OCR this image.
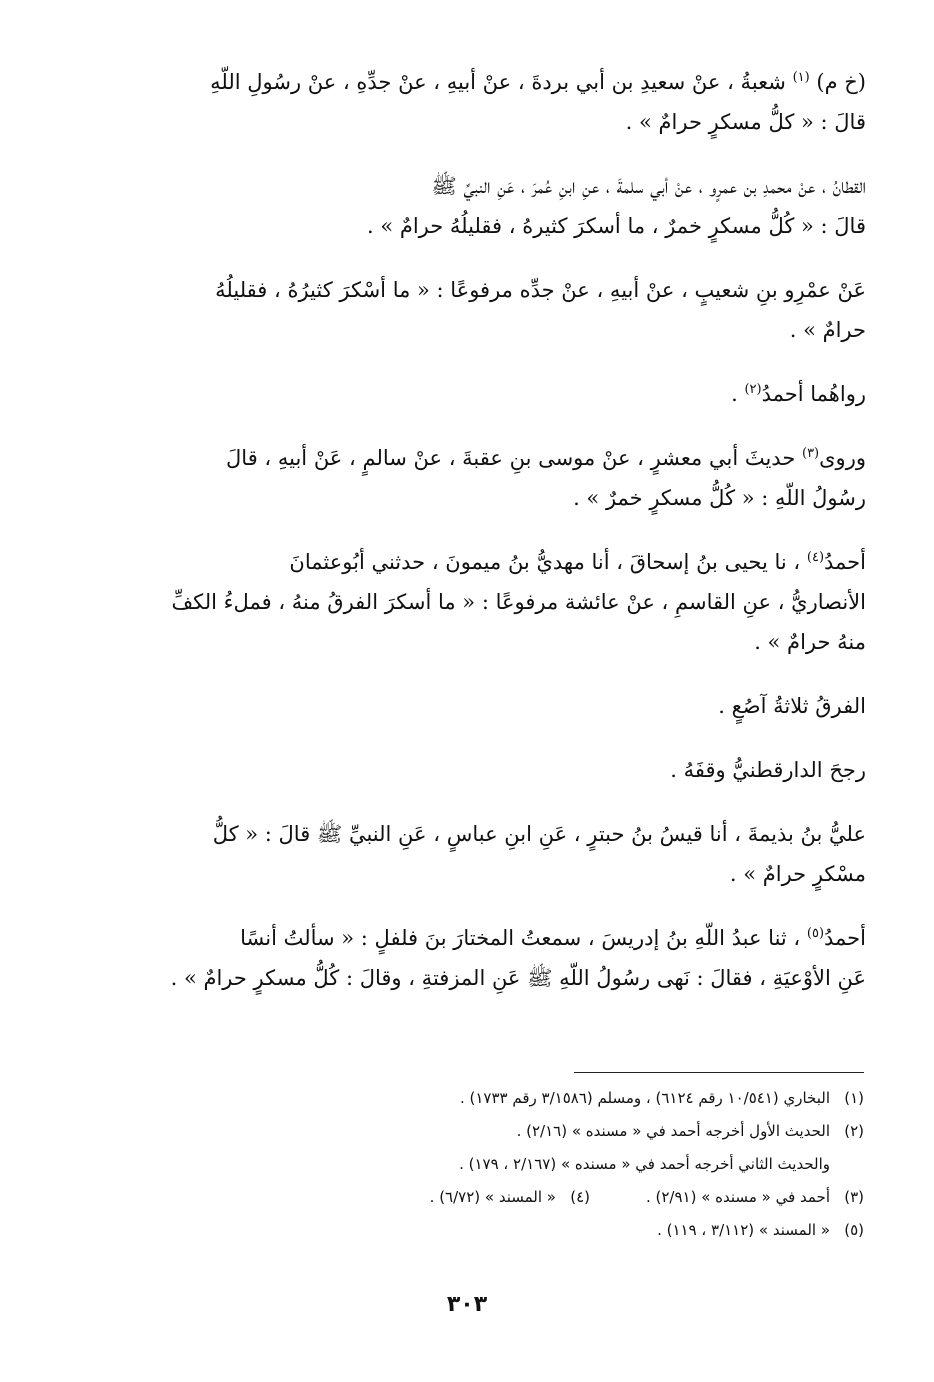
(خ م) $^{(١)}$ شعبةُ ، عنْ سعيدِ بن أبي بردةَ ، عنْ أبيهِ ، عنْ جدِّهِ ، عنْ رسُولِ اللّهِ
قالَ : « كلُّ مسكرٍ حرامٌ » .

القطانُ ، عنْ محمدِ بن عمرٍو ، عنْ أبي سلمةَ ، عنِ ابنِ عُمرَ ، عَنِ النبيِّ ﷺ
قالَ : « كُلُّ مسكرٍ خمرٌ ، ما أسكرَ كثيرهُ ، فقليلُهُ حرامٌ » .

عَنْ عمْرِو بنِ شعيبٍ ، عنْ أبيهِ ، عنْ جدِّه مرفوعًا : « ما أسْكرَ كثيرُهُ ، فقليلُهُ
حرامٌ » .

رواهُما أحمدُ$^{(٢)}$ .

وروى$^{(٣)}$ حديثَ أبي معشرٍ ، عنْ موسى بنِ عقبةَ ، عنْ سالمٍ ، عَنْ أبيهِ ، قالَ
رسُولُ اللّهِ : « كُلُّ مسكرٍ خمرٌ » .

أحمدُ$^{(٤)}$ ، نا يحيى بنُ إسحاقَ ، أنا مهديُّ بنُ ميمونَ ، حدثني أبُوعثمانَ
الأنصاريُّ ، عنِ القاسمِ ، عنْ عائشة مرفوعًا : « ما أسكرَ الفرقُ منهُ ، فملءُ الكفِّ
منهُ حرامٌ » .

الفرقُ ثلاثةُ آصُعٍ .

رجحَ الدارقطنيُّ وقفَهُ .

عليُّ بنُ بذيمةَ ، أنا قيسُ بنُ حبترٍ ، عَنِ ابنِ عباسٍ ، عَنِ النبيِّ ﷺ قالَ : « كلُّ
مسْكرٍ حرامٌ » .

أحمدُ$^{(٥)}$ ، ثنا عبدُ اللّهِ بنُ إدريسَ ، سمعتُ المختارَ بنَ فلفلٍ : « سألتُ أنسًا
عَنِ الأوْعيَةِ ، فقالَ : نَهى رسُولُ اللّهِ ﷺ عَنِ المزفتةِ ، وقالَ : كُلُّ مسكرٍ حرامٌ » .

(١)البخاري (١٠/٥٤١ رقم ٦١٢٤) ، ومسلم (٣/١٥٨٦ رقم ١٧٣٣) .
(٢)الحديث الأول أخرجه أحمد في « مسنده » (٢/١٦) .
والحديث الثاني أخرجه أحمد في « مسنده » (٢/١٦٧ ، ١٧٩) .
(٣)أحمد في « مسنده » (٢/٩١) .(٤)« المسند » (٦/٧٢) .
(٥)« المسند » (٣/١١٢ ، ١١٩) .
٣٠٣
